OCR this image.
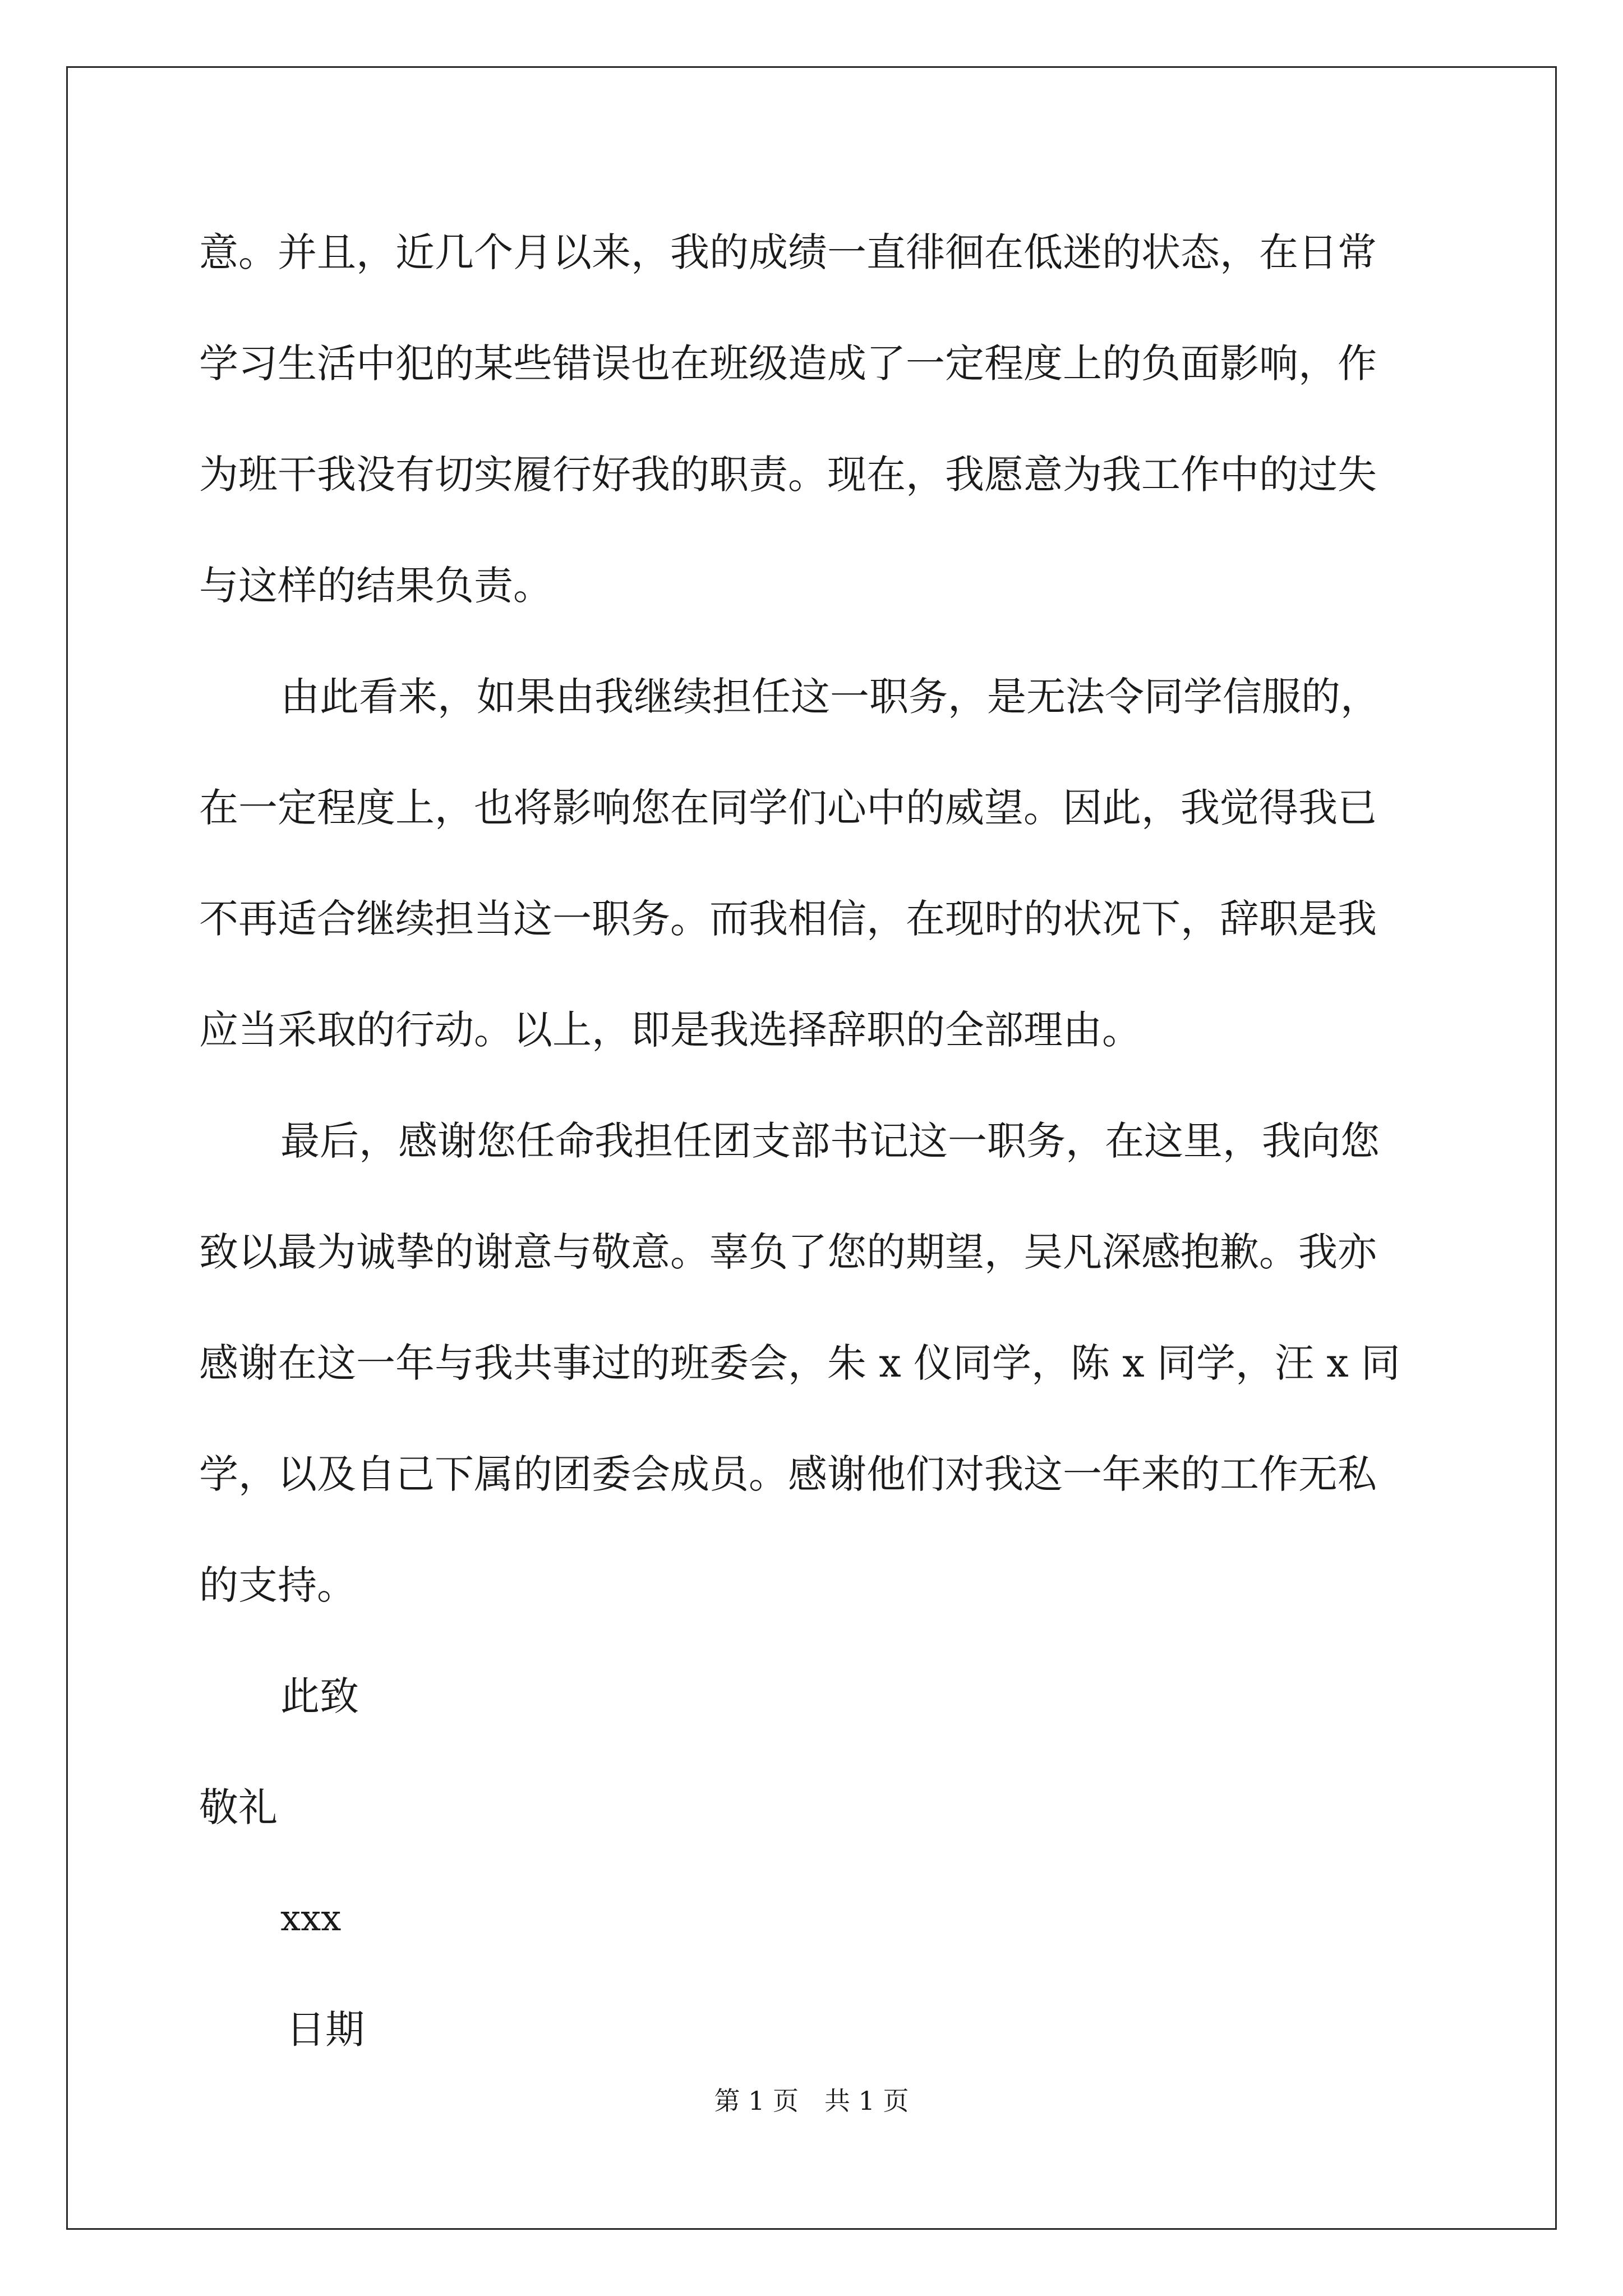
意。并且，近几个月以来，我的成绩一直徘徊在低迷的状态，在日常
学习生活中犯的某些错误也在班级造成了一定程度上的负面影响，作
为班干我没有切实履行好我的职责。现在，我愿意为我工作中的过失
与这样的结果负责。
由此看来，如果由我继续担任这一职务，是无法令同学信服的，
在一定程度上，也将影响您在同学们心中的威望。因此，我觉得我已
不再适合继续担当这一职务。而我相信，在现时的状况下，辞职是我
应当采取的行动。以上，即是我选择辞职的全部理由。
最后，感谢您任命我担任团支部书记这一职务，在这里，我向您
致以最为诚挚的谢意与敬意。辜负了您的期望，吴凡深感抱歉。我亦
感谢在这一年与我共事过的班委会，朱 x 仪同学，陈 x 同学，汪 x 同
学，以及自己下属的团委会成员。感谢他们对我这一年来的工作无私
的支持。
此致
敬礼
xxx
日期
第 1 页　共 1 页
